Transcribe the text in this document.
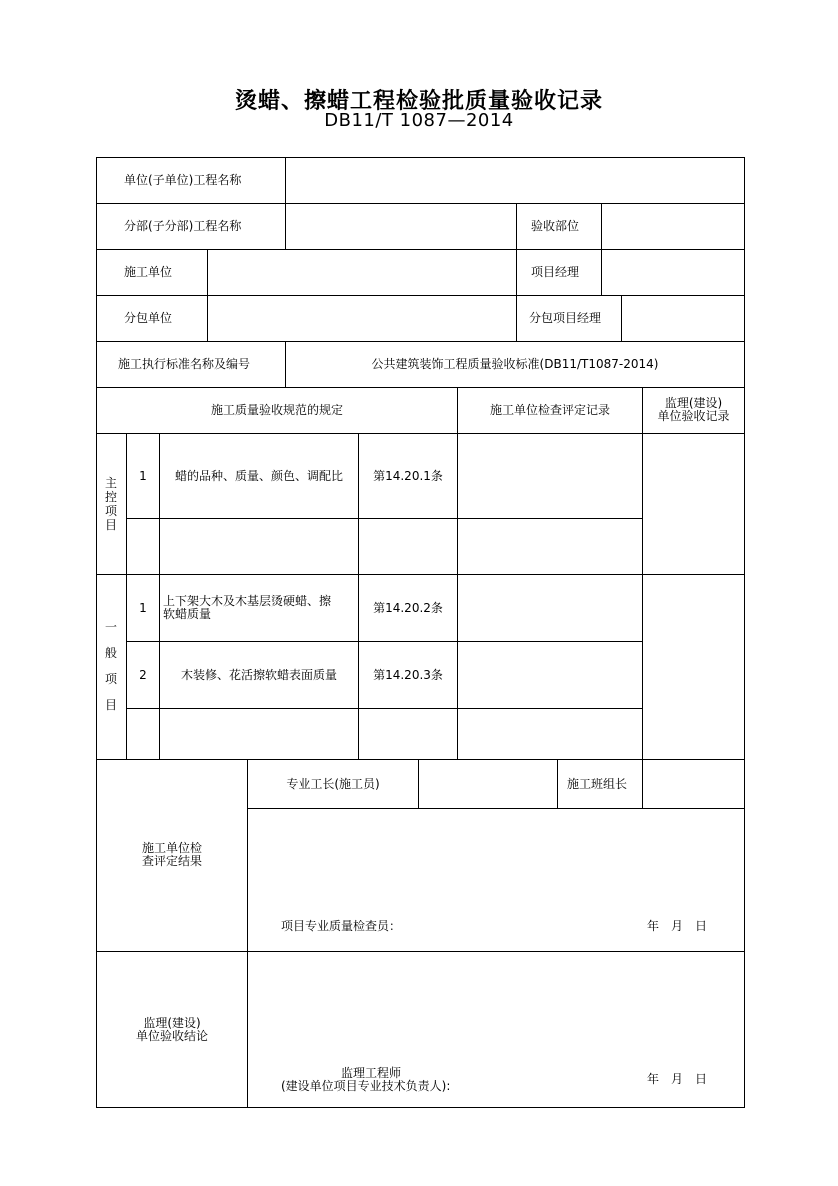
烫蜡、擦蜡工程检验批质量验收记录
DB11/T 1087—2014
单位(子单位)工程名称
分部(子分部)工程名称	验收部位
施工单位	项目经理
分包单位	分包项目经理
施工执行标准名称及编号	公共建筑装饰工程质量验收标准(DB11/T1087-2014)
施工质量验收规范的规定	施工单位检查评定记录	监理(建设)
单位验收记录
主
控
项
目
1	蜡的品种、质量、颜色、调配比	第14.20.1条
一
般
项
目
1	上下架大木及木基层烫硬蜡、擦
软蜡质量	第14.20.2条
2	木装修、花活擦软蜡表面质量	第14.20.3条
施工单位检
查评定结果
专业工长(施工员)	施工班组长
项目专业质量检查员：	年　月　日
监理(建设)
单位验收结论
监理工程师
(建设单位项目专业技术负责人):	年　月　日
